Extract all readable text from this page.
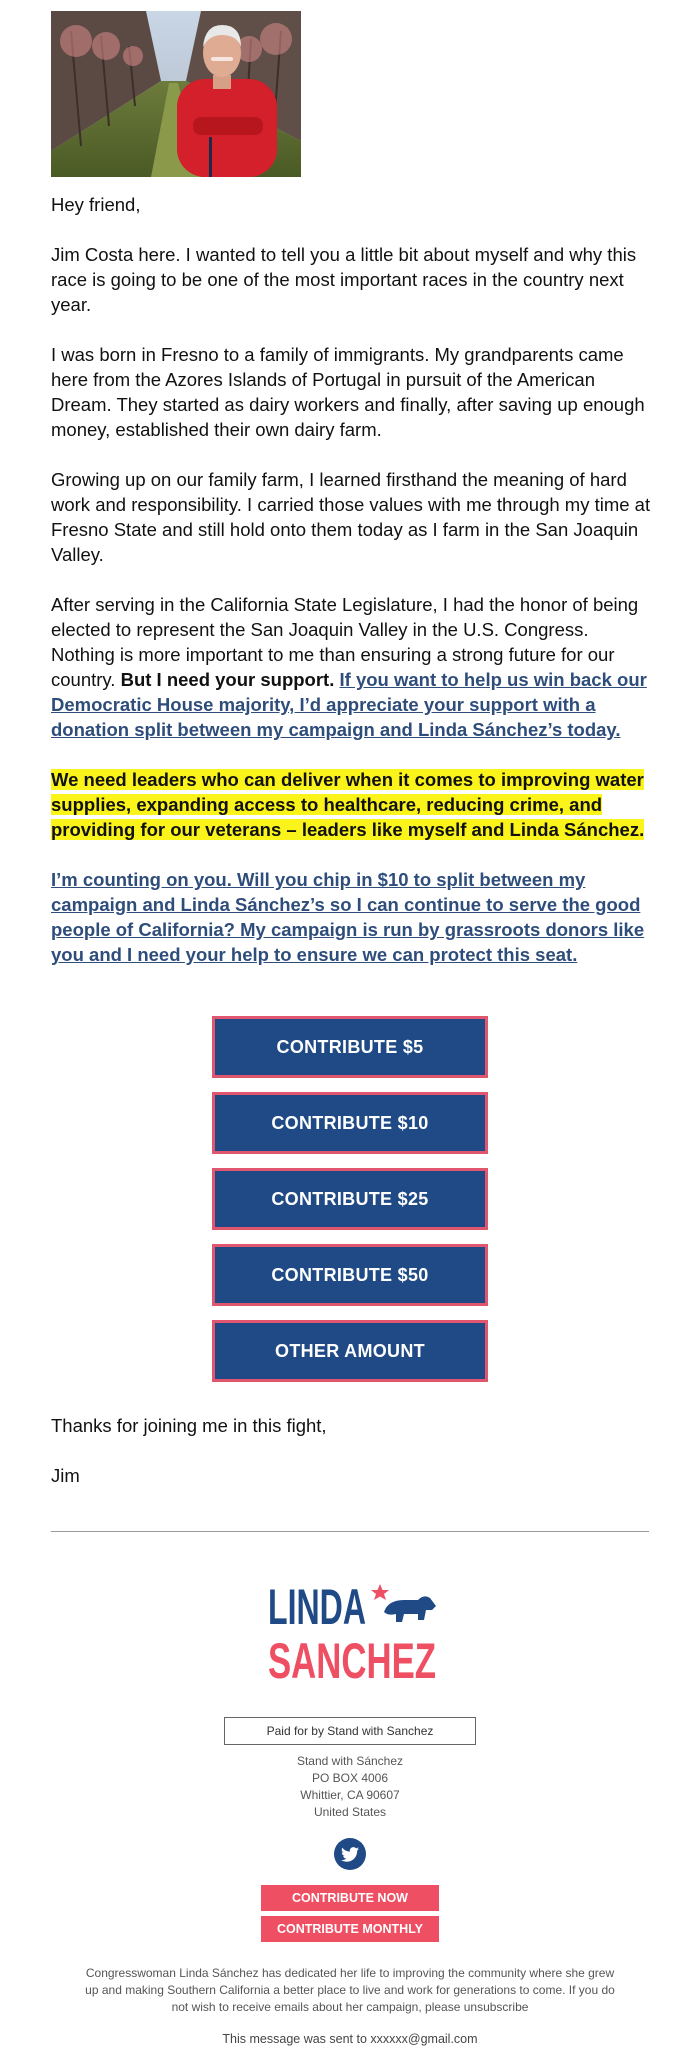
Hey friend,

Jim Costa here. I wanted to tell you a little bit about myself and why this race is going to be one of the most important races in the country next year.

I was born in Fresno to a family of immigrants. My grandparents came here from the Azores Islands of Portugal in pursuit of the American Dream. They started as dairy workers and finally, after saving up enough money, established their own dairy farm.

Growing up on our family farm, I learned firsthand the meaning of hard work and responsibility. I carried those values with me through my time at Fresno State and still hold onto them today as I farm in the San Joaquin Valley.

After serving in the California State Legislature, I had the honor of being elected to represent the San Joaquin Valley in the U.S. Congress. Nothing is more important to me than ensuring a strong future for our country. But I need your support. If you want to help us win back our Democratic House majority, I’d appreciate your support with a donation split between my campaign and Linda Sánchez’s today.

We need leaders who can deliver when it comes to improving water supplies, expanding access to healthcare, reducing crime, and providing for our veterans – leaders like myself and Linda Sánchez.

I’m counting on you. Will you chip in $10 to split between my campaign and Linda Sánchez’s so I can continue to serve the good people of California? My campaign is run by grassroots donors like you and I need your help to ensure we can protect this seat.

CONTRIBUTE $5
CONTRIBUTE $10
CONTRIBUTE $25
CONTRIBUTE $50
OTHER AMOUNT

Thanks for joining me in this fight,

Jim

LINDA
SANCHEZ
Paid for by Stand with Sanchez
Stand with Sánchez
PO BOX 4006
Whittier, CA 90607
United States
CONTRIBUTE NOW
CONTRIBUTE MONTHLY
Congresswoman Linda Sánchez has dedicated her life to improving the community where she grew up and making Southern California a better place to live and work for generations to come. If you do not wish to receive emails about her campaign, please unsubscribe
This message was sent to xxxxxx@gmail.com
